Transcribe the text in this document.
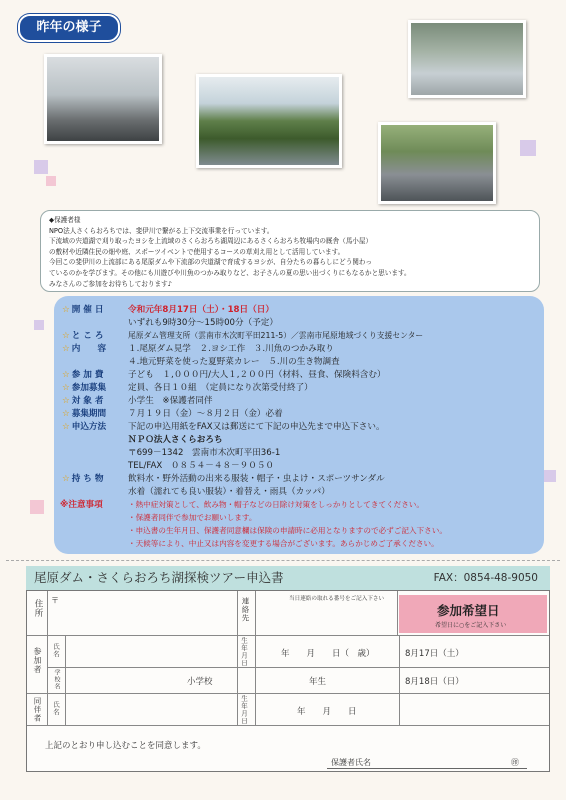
昨年の様子

◆保護者様

NPO法人さくらおろちでは、斐伊川で繋がる上下交流事業を行っています。

下流域の宍道湖で刈り取ったヨシを上流域のさくらおろち湖周辺にあるさくらおろち牧場内の厩舎（馬小屋）

の敷材や近隣住民の畑や庭、スポーツイベントで使用するコースの草刈え用として活用しています。

今回この斐伊川の上流部にある尾原ダムや下流部の宍道湖で育成するヨシが、自分たちの暮らしにどう関わっ

ているのかを学びます。その他にも川遊びや川魚のつかみ取りなど、お子さんの夏の思い出づくりにもなるかと思います。

みなさんのご参加をお待ちしております♪

☆ 開 催 日	令和元年8月17日（土）・18日（日）
いずれも9時30分～15時00分（予定）
☆ と こ ろ	尾原ダム管理支所（雲南市木次町平田211-5）／雲南市尾原地域づくり支援センター
☆ 内　　容	１.尾原ダム見学　２.ヨシ工作　３.川魚のつかみ取り
４.地元野菜を使った夏野菜カレー　５.川の生き物調査
☆ 参 加 費	子ども　１,０００円/大人１,２００円（材料、昼食、保険料含む）
☆ 参加募集	定員、各日１０組　（定員になり次第受付終了）
☆ 対 象 者	小学生　※保護者同伴
☆ 募集期間	７月１９日（金）～８月２日（金）必着
☆ 申込方法	下記の申込用紙をFAX又は郵送にて下記の申込先まで申込下さい。
ＮＰＯ法人さくらおろち
〒699－1342　雲南市木次町平田36-1
TEL/FAX　０８５４－４８－９０５０
☆ 持 ち 物	飲料水・野外活動の出来る服装・帽子・虫よけ・スポーツサンダル
水着（濡れても良い服装）・着替え・雨具（カッパ）
※注意事項	・熱中症対策として、飲み物・帽子などの日除け対策をしっかりとしてきてください。
・保護者同伴で参加でお願いします。
・申込書の生年月日、保護者同意欄は保険の申請時に必用となりますので必ずご記入下さい。
・天候等により、中止又は内容を変更する場合がございます。あらかじめご了承ください。
尾原ダム・さくらおろち湖探検ツアー申込書	FAX：0854-48-9050
住所 〒	連絡先	当日連絡の取れる番号をご記入下さい
参加希望日
希望日に○をご記入下さい
参加者 氏名	生年月日	年　　月　　日（　歳）	8月17日（土）
学校名	小学校	年生	8月18日（日）
同伴者 氏名	生年月日	年　　月　　日
上記のとおり申し込むことを同意します。
保護者氏名	㊞
